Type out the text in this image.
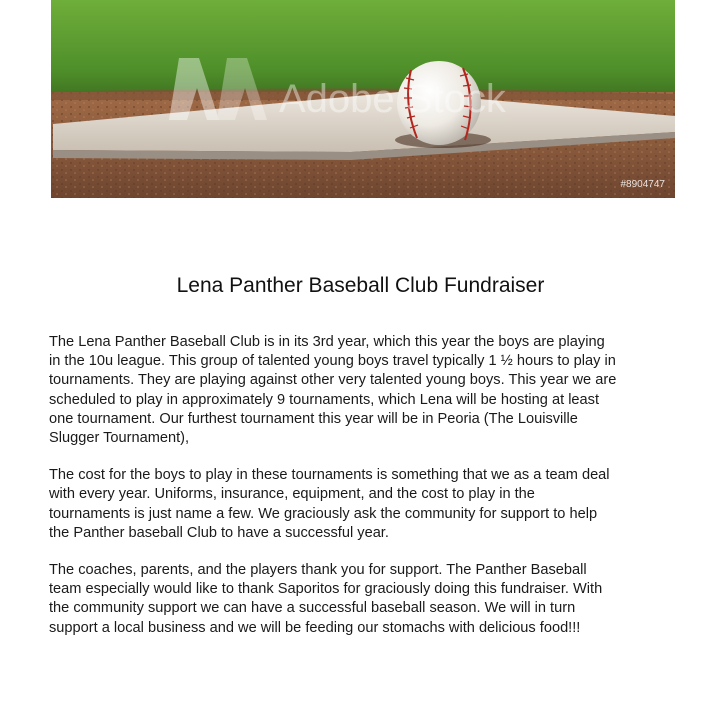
Adobe Stock
#8904747
Lena Panther Baseball Club Fundraiser

The Lena Panther Baseball Club is in its 3rd year, which this year the boys are playing
in the 10u league. This group of talented young boys travel typically 1 ½ hours to play in
tournaments. They are playing against other very talented young boys. This year we are
scheduled to play in approximately 9 tournaments, which Lena will be hosting at least
one tournament. Our furthest tournament this year will be in Peoria (The Louisville
Slugger Tournament),

The cost for the boys to play in these tournaments is something that we as a team deal
with every year. Uniforms, insurance, equipment, and the cost to play in the
tournaments is just name a few. We graciously ask the community for support to help
the Panther baseball Club to have a successful year.

The coaches, parents, and the players thank you for support. The Panther Baseball
team especially would like to thank Saporitos for graciously doing this fundraiser. With
the community support we can have a successful baseball season. We will in turn
support a local business and we will be feeding our stomachs with delicious food!!!
